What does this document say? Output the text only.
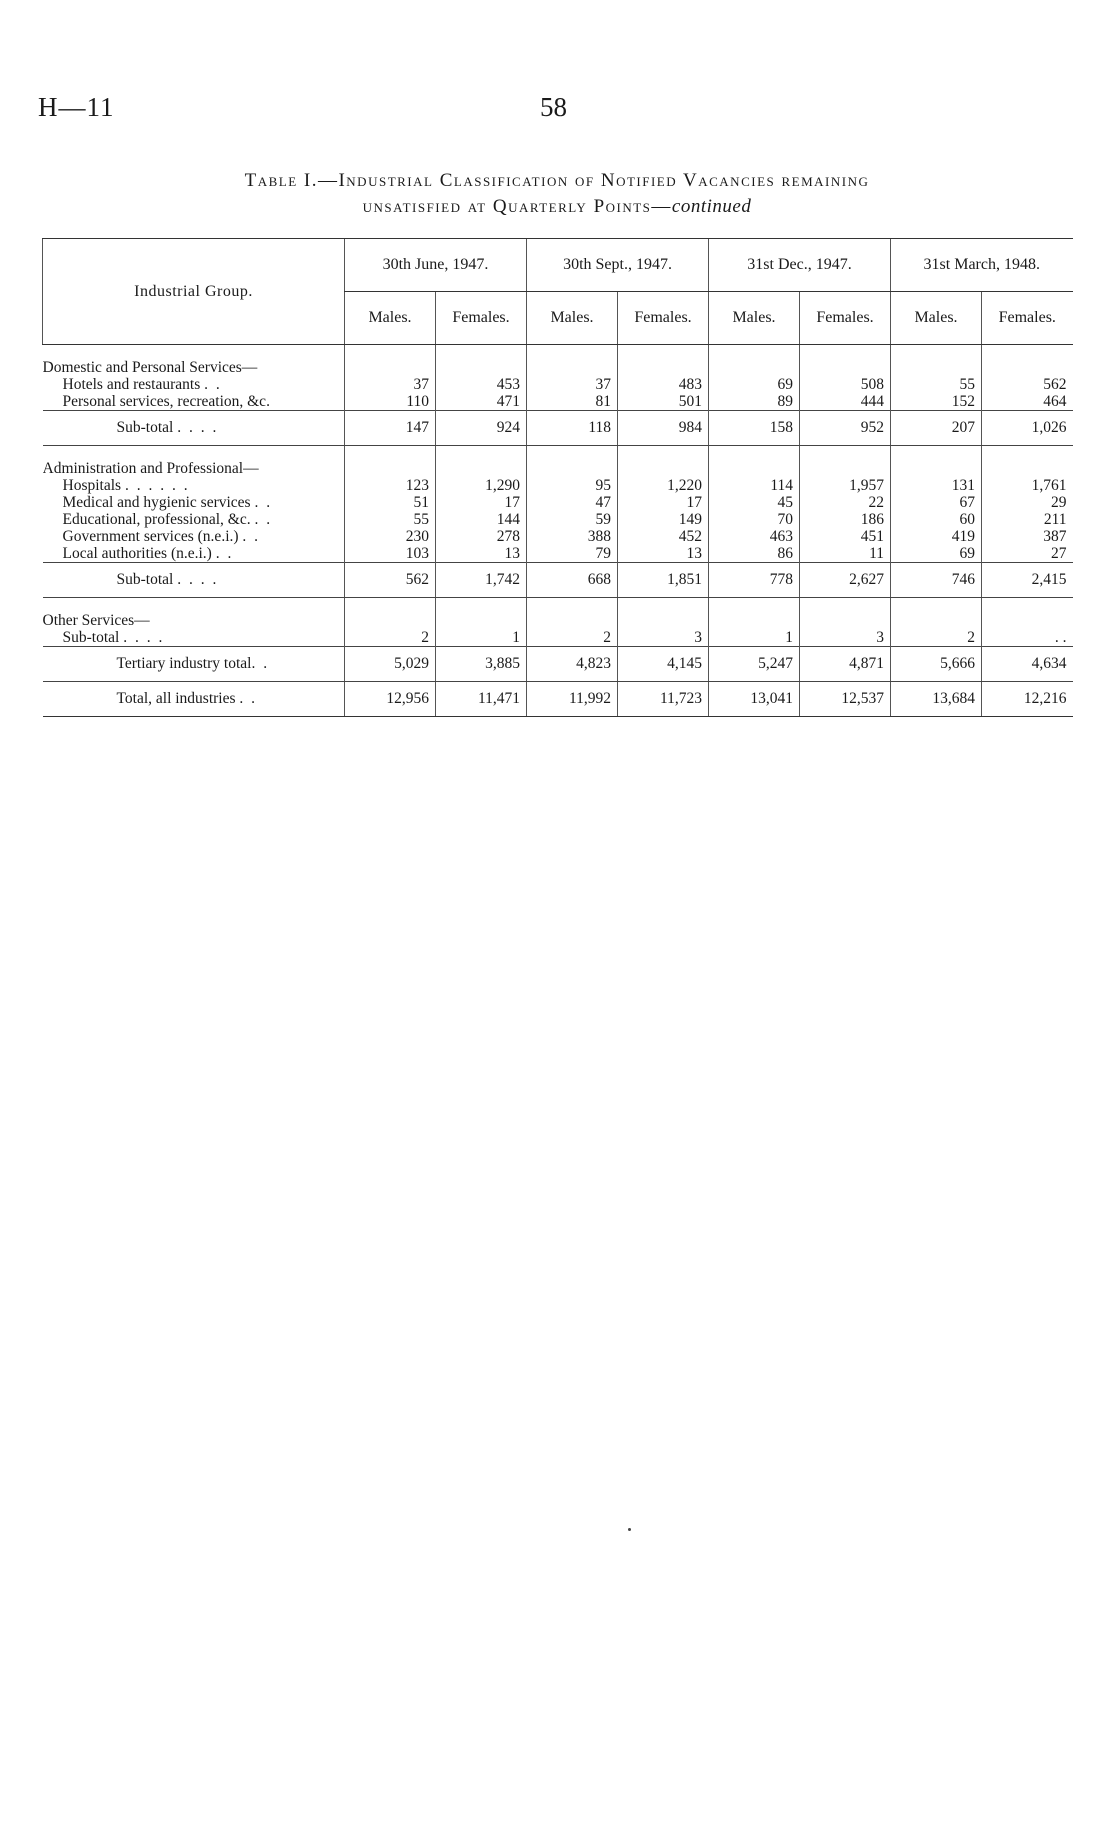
H—11	58
Table I.—Industrial Classification of Notified Vacancies remaining
unsatisfied at Quarterly Points—continued
Industrial Group.	30th June, 1947.		30th Sept., 1947.		31st Dec., 1947.		31st March, 1948.	
	Males.	Females.	Males.	Females.	Males.	Females.	Males.	Females.

Domestic and Personal Services—								
Hotels and restaurants . .	37	453	37	483	69	508	55	562
Personal services, recreation, &c.	110	471	81	501	89	444	152	464
Sub-total . . . .	147	924	118	984	158	952	207	1,026

Administration and Professional—								
Hospitals . . . . . .	123	1,290	95	1,220	114	1,957	131	1,761
Medical and hygienic services . .	51	17	47	17	45	22	67	29
Educational, professional, &c. . .	55	144	59	149	70	186	60	211
Government services (n.e.i.) . .	230	278	388	452	463	451	419	387
Local authorities (n.e.i.) . .	103	13	79	13	86	11	69	27
Sub-total . . . .	562	1,742	668	1,851	778	2,627	746	2,415

Other Services—								
Sub-total . . . .	2	1	2	3	1	3	2	. .
Tertiary industry total. .	5,029	3,885	4,823	4,145	5,247	4,871	5,666	4,634
Total, all industries . .	12,956	11,471	11,992	11,723	13,041	12,537	13,684	12,216
